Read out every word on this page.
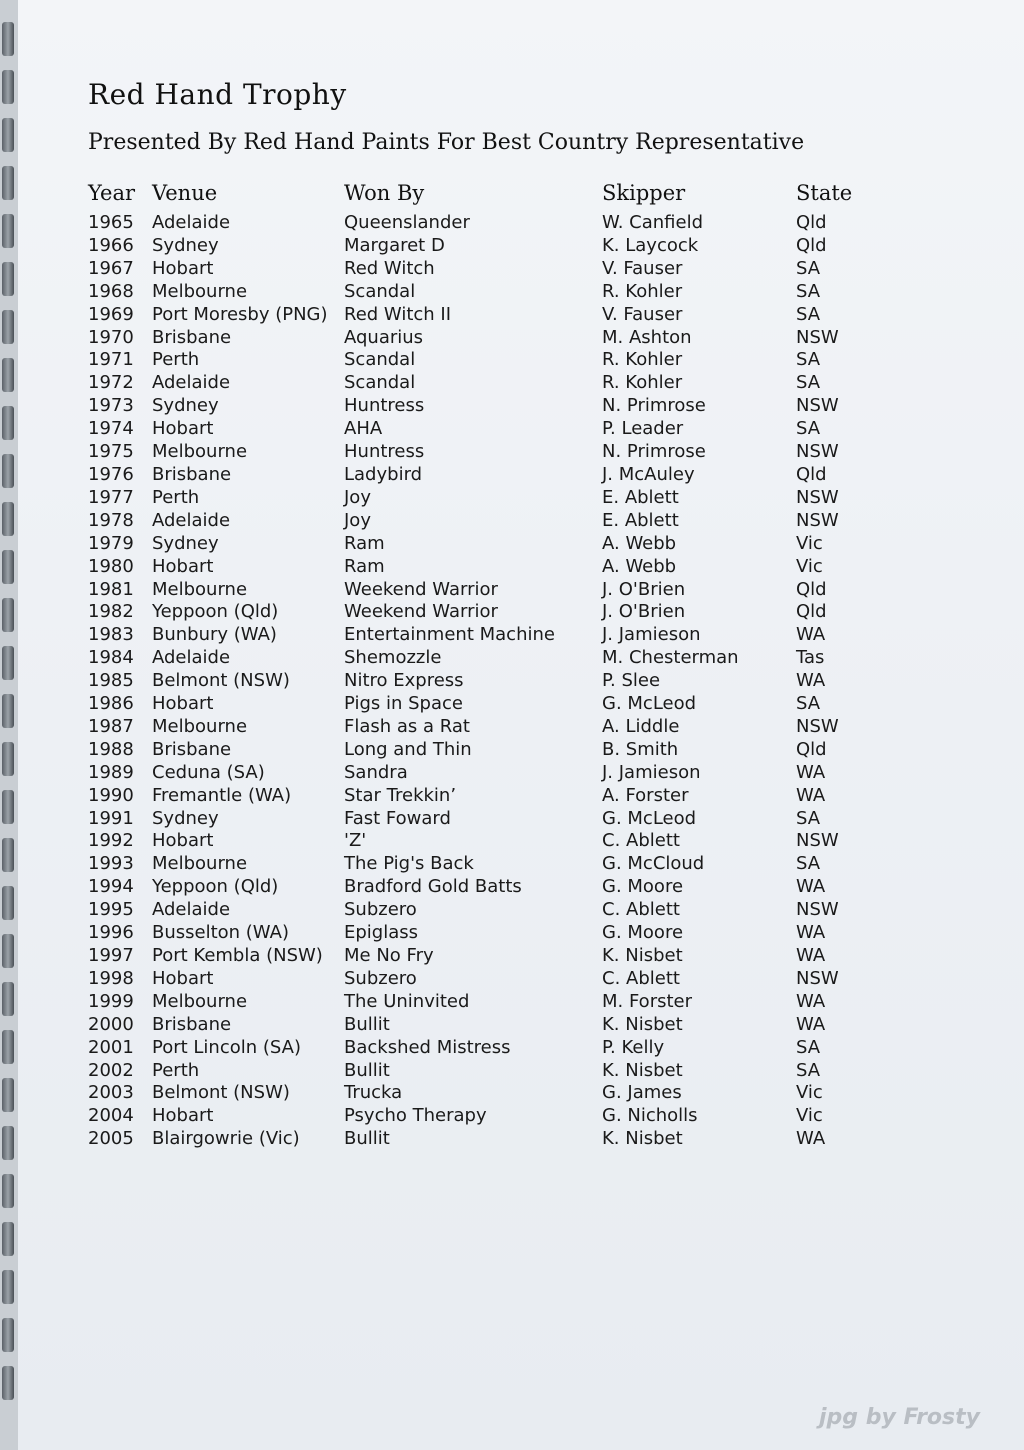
Red Hand Trophy
Presented By Red Hand Paints For Best Country Representative
Year	Venue	Won By	Skipper	State
1965	Adelaide	Queenslander	W. Canfield	Qld
1966	Sydney	Margaret D	K. Laycock	Qld
1967	Hobart	Red Witch	V. Fauser	SA
1968	Melbourne	Scandal	R. Kohler	SA
1969	Port Moresby (PNG)	Red Witch II	V. Fauser	SA
1970	Brisbane	Aquarius	M. Ashton	NSW
1971	Perth	Scandal	R. Kohler	SA
1972	Adelaide	Scandal	R. Kohler	SA
1973	Sydney	Huntress	N. Primrose	NSW
1974	Hobart	AHA	P. Leader	SA
1975	Melbourne	Huntress	N. Primrose	NSW
1976	Brisbane	Ladybird	J. McAuley	Qld
1977	Perth	Joy	E. Ablett	NSW
1978	Adelaide	Joy	E. Ablett	NSW
1979	Sydney	Ram	A. Webb	Vic
1980	Hobart	Ram	A. Webb	Vic
1981	Melbourne	Weekend Warrior	J. O'Brien	Qld
1982	Yeppoon (Qld)	Weekend Warrior	J. O'Brien	Qld
1983	Bunbury (WA)	Entertainment Machine	J. Jamieson	WA
1984	Adelaide	Shemozzle	M. Chesterman	Tas
1985	Belmont (NSW)	Nitro Express	P. Slee	WA
1986	Hobart	Pigs in Space	G. McLeod	SA
1987	Melbourne	Flash as a Rat	A. Liddle	NSW
1988	Brisbane	Long and Thin	B. Smith	Qld
1989	Ceduna (SA)	Sandra	J. Jamieson	WA
1990	Fremantle (WA)	Star Trekkin’	A. Forster	WA
1991	Sydney	Fast Foward	G. McLeod	SA
1992	Hobart	'Z'	C. Ablett	NSW
1993	Melbourne	The Pig's Back	G. McCloud	SA
1994	Yeppoon (Qld)	Bradford Gold Batts	G. Moore	WA
1995	Adelaide	Subzero	C. Ablett	NSW
1996	Busselton (WA)	Epiglass	G. Moore	WA
1997	Port Kembla (NSW)	Me No Fry	K. Nisbet	WA
1998	Hobart	Subzero	C. Ablett	NSW
1999	Melbourne	The Uninvited	M. Forster	WA
2000	Brisbane	Bullit	K. Nisbet	WA
2001	Port Lincoln (SA)	Backshed Mistress	P. Kelly	SA
2002	Perth	Bullit	K. Nisbet	SA
2003	Belmont (NSW)	Trucka	G. James	Vic
2004	Hobart	Psycho Therapy	G. Nicholls	Vic
2005	Blairgowrie (Vic)	Bullit	K. Nisbet	WA

jpg by Frosty
